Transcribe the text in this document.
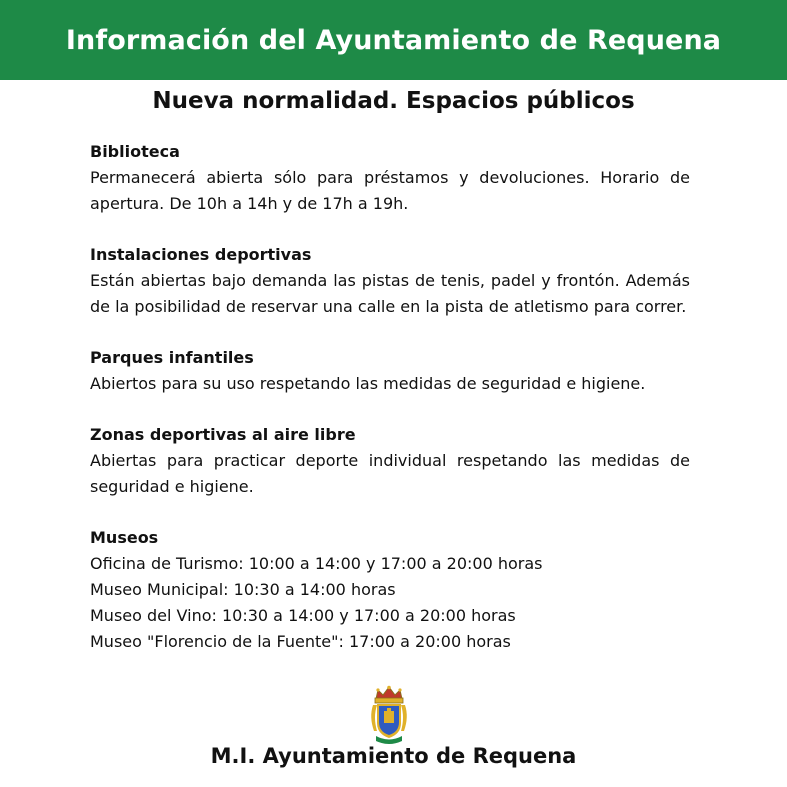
Información del Ayuntamiento de Requena
Nueva normalidad. Espacios públicos
Biblioteca
Permanecerá abierta sólo para préstamos y devoluciones. Horario de apertura. De 10h a 14h y de 17h a 19h.
Instalaciones deportivas
Están abiertas bajo demanda las pistas de tenis, padel y frontón. Además de la posibilidad de reservar una calle en la pista de atletismo para correr.
Parques infantiles
Abiertos para su uso respetando las medidas de seguridad e higiene.
Zonas deportivas al aire libre
Abiertas para practicar deporte individual respetando las medidas de seguridad e higiene.
Museos
Oficina de Turismo: 10:00 a 14:00 y 17:00 a 20:00 horas
Museo Municipal: 10:30 a 14:00 horas
Museo del Vino: 10:30 a 14:00 y 17:00 a 20:00 horas
Museo "Florencio de la Fuente": 17:00 a 20:00 horas
M.I. Ayuntamiento de Requena
